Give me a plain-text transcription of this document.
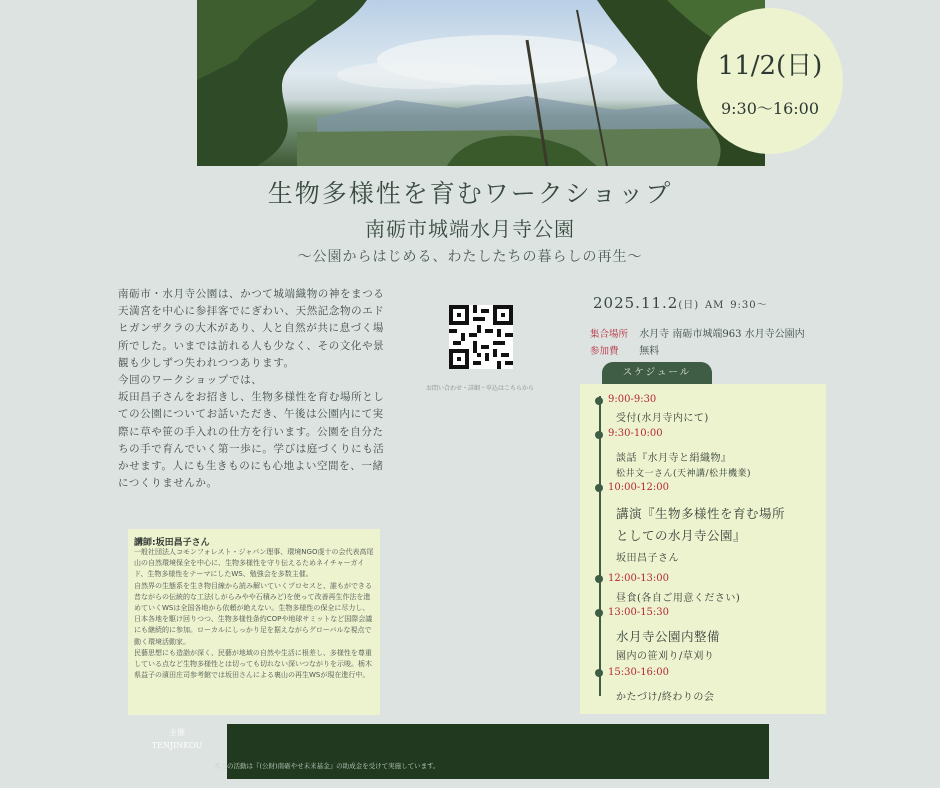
11/2(日)
9:30〜16:00
生物多様性を育むワークショップ
南砺市城端水月寺公園
〜公園からはじめる、わたしたちの暮らしの再生〜

南砺市・水月寺公園は、かつて城端織物の神をまつる天満宮を中心に参拝客でにぎわい、天然記念物のエドヒガンザクラの大木があり、人と自然が共に息づく場所でした。いまでは訪れる人も少なく、その文化や景観も少しずつ失われつつあります。

今回のワークショップでは、

坂田昌子さんをお招きし、生物多様性を育む場所としての公園についてお話いただき、午後は公園内にて実際に草や笹の手入れの仕方を行います。公園を自分たちの手で育んでいく第一歩に。学びは庭づくりにも活かせます。人にも生きものにも心地よい空間を、一緒につくりませんか。

お問い合わせ・詳細・申込はこちらから
2025.11.2(日) AM 9:30〜
集合場所 水月寺 南砺市城端963 水月寺公園内
参加費 無料
スケジュール
9:00-9:30
受付(水月寺内にて)
9:30-10:00
談話『水月寺と絹織物』
松井文一さん(天神講/松井機業)
10:00-12:00
講演『生物多様性を育む場所
としての水月寺公園』
坂田昌子さん
12:00-13:00
昼食(各自ご用意ください)
13:00-15:30
水月寺公園内整備
園内の笹刈り/草刈り
15:30-16:00
かたづけ/終わりの会
講師:坂田昌子さん

一般社団法人コモンフォレスト・ジャパン理事、環境NGO虔十の会代表高尾山の自然環境保全を中心に、生物多様性を守り伝えるためネイチャーガイド、生物多様性をテーマにしたWS、勉強会を多数主催。

自然界の生態系を生き物目線から読み解いていくプロセスと、誰もができる昔ながらの伝統的な工法(しがらみやや石積みど)を使って改善再生作法を進めていくWSは全国各地から依頼が絶えない。生物多様性の保全に尽力し、日本各地を駆け回りつつ、生物多様性条約COPや地球サミットなど国際会議にも継続的に参加。ローカルにしっかり足を据えながらグローバルな視点で動く環境活動家。

民藝思想にも造詣が深く、民藝が地域の自然や生活に根差し、多様性を尊重している点など生物多様性とは切っても切れない深いつながりを示唆。栃木県益子の濱田庄司参考館では坂田さんによる裏山の再生WSが現在進行中。

主催
TENJINKOU
本この活動は『(公財)南砺やせ未来基金』の助成金を受けて実施しています。
